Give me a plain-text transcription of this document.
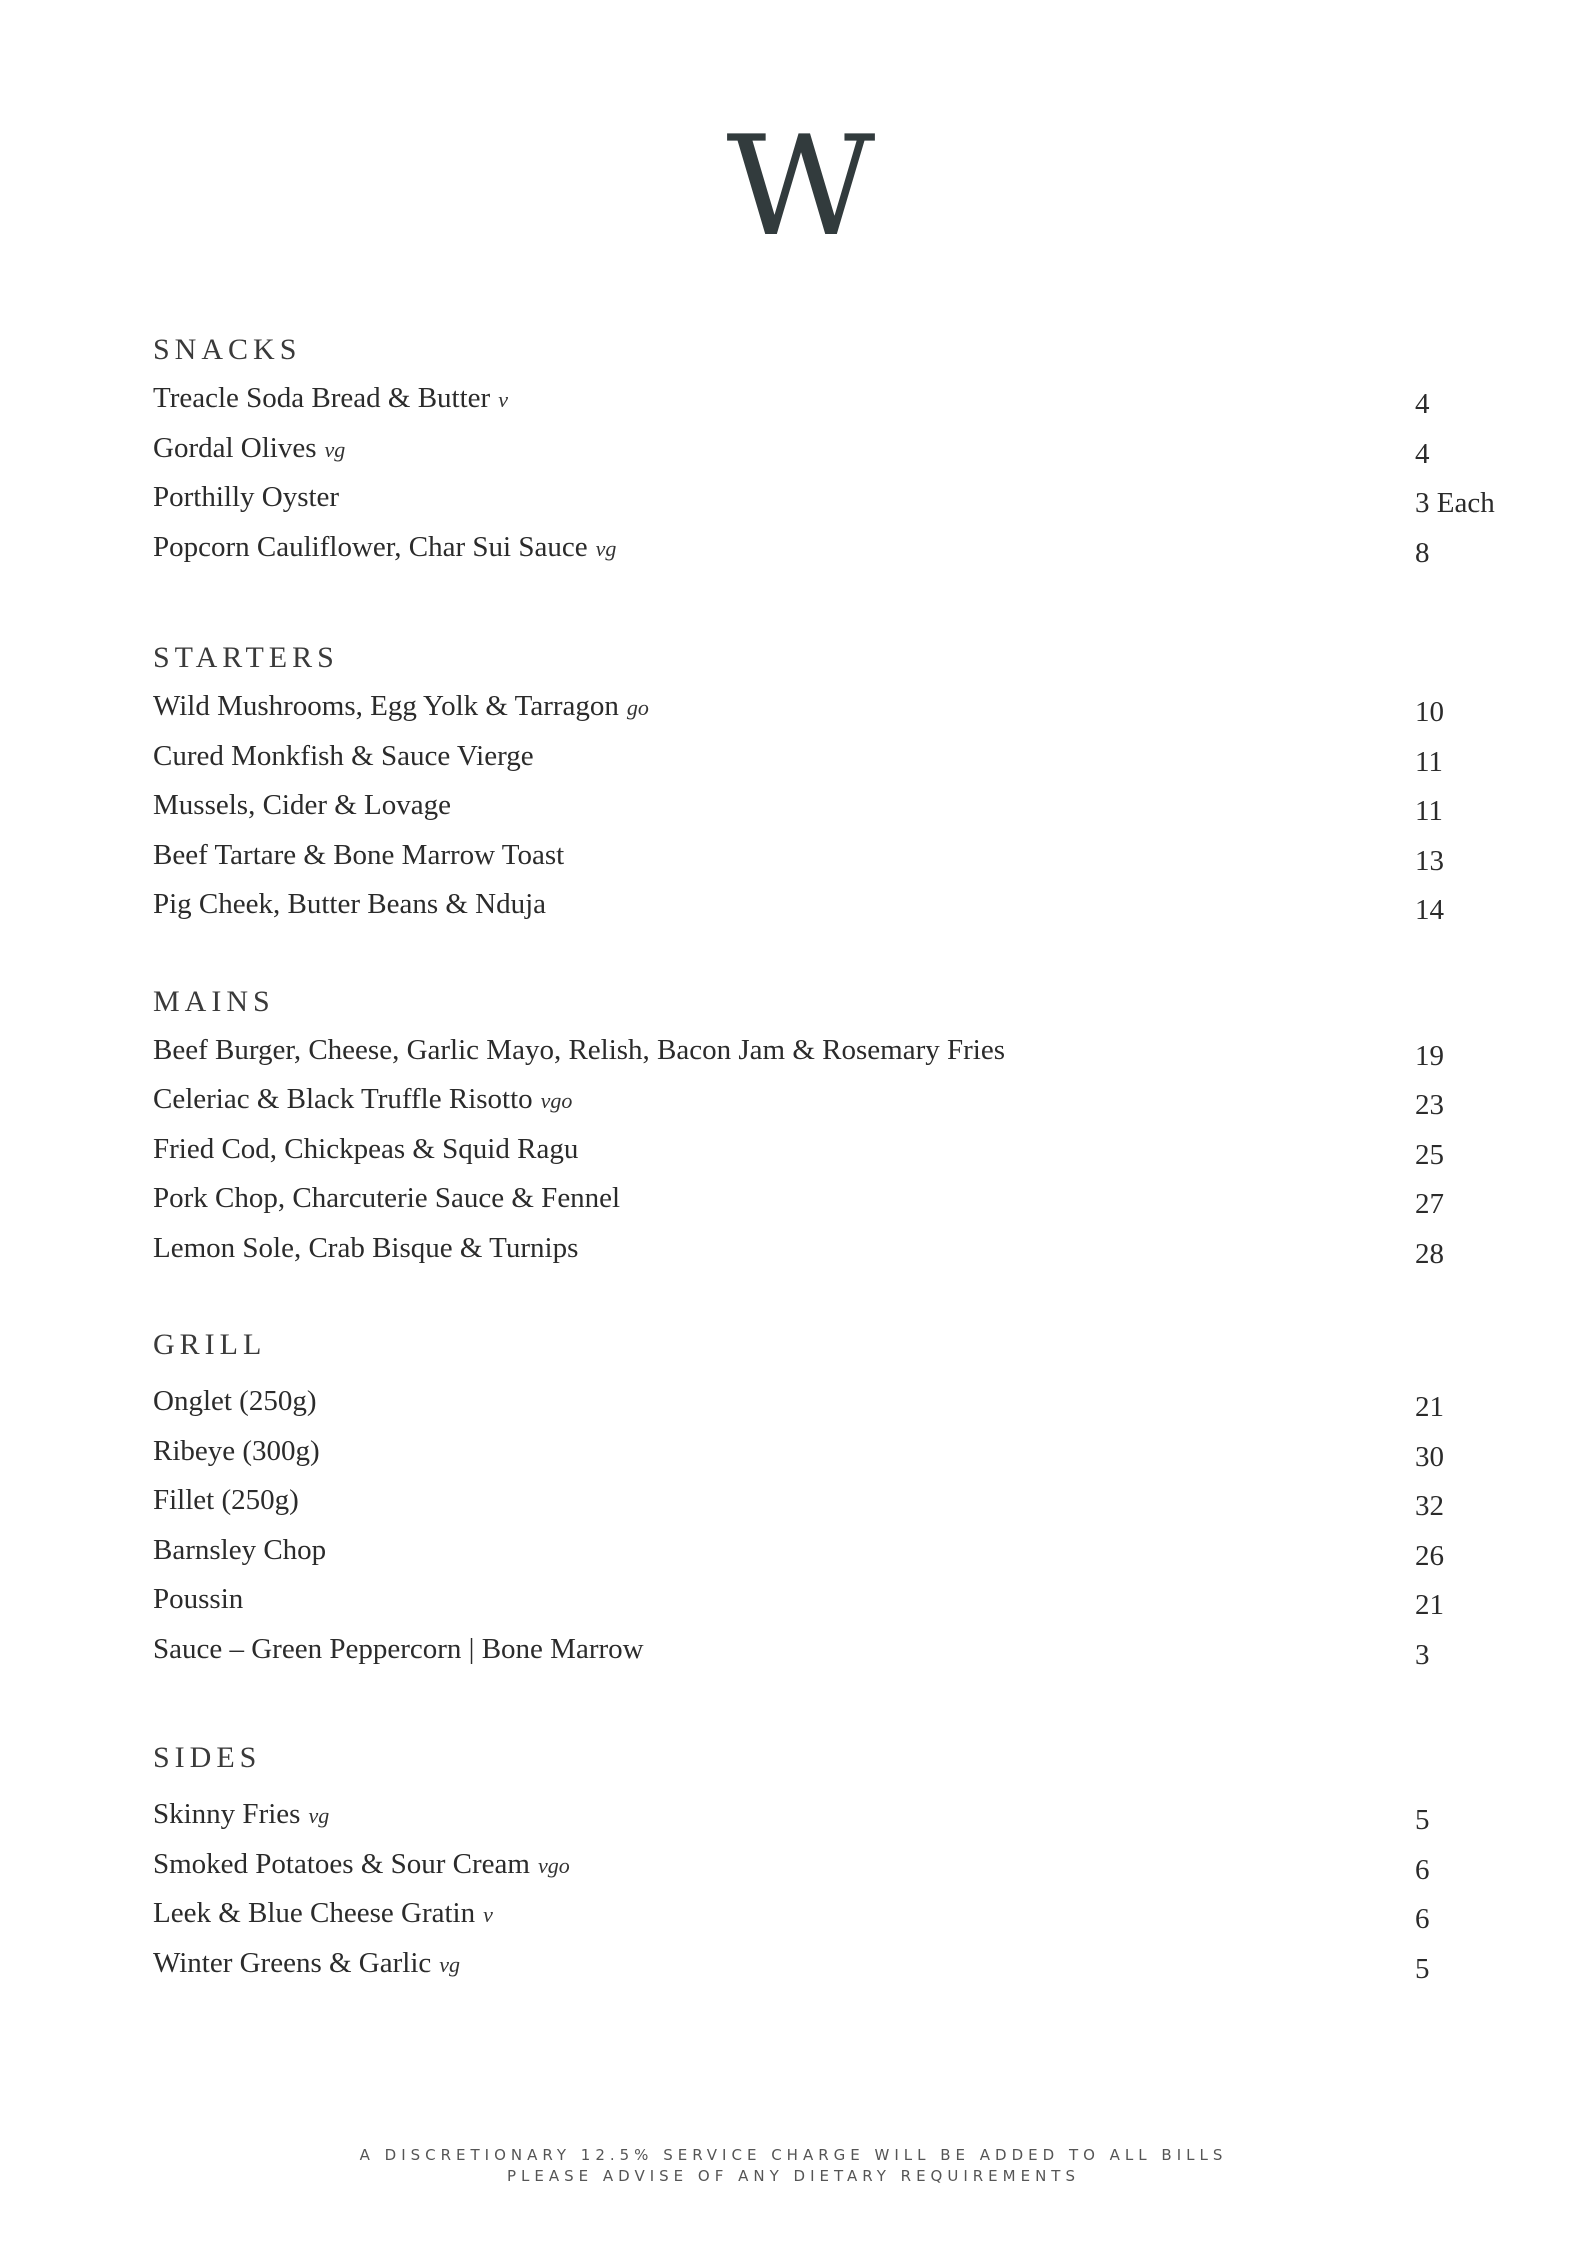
W
SNACKS
Treacle Soda Bread & Butter v	4
Gordal Olives vg	4
Porthilly Oyster	3 Each
Popcorn Cauliflower, Char Sui Sauce vg	8
STARTERS
Wild Mushrooms, Egg Yolk & Tarragon go	10
Cured Monkfish & Sauce Vierge	11
Mussels, Cider & Lovage	11
Beef Tartare & Bone Marrow Toast	13
Pig Cheek, Butter Beans & Nduja	14
MAINS
Beef Burger, Cheese, Garlic Mayo, Relish, Bacon Jam & Rosemary Fries	19
Celeriac & Black Truffle Risotto vgo	23
Fried Cod, Chickpeas & Squid Ragu	25
Pork Chop, Charcuterie Sauce & Fennel	27
Lemon Sole, Crab Bisque & Turnips	28
GRILL
Onglet (250g)	21
Ribeye (300g)	30
Fillet (250g)	32
Barnsley Chop	26
Poussin	21
Sauce – Green Peppercorn | Bone Marrow	3
SIDES
Skinny Fries vg	5
Smoked Potatoes & Sour Cream vgo	6
Leek & Blue Cheese Gratin v	6
Winter Greens & Garlic vg	5
A DISCRETIONARY 12.5% SERVICE CHARGE WILL BE ADDED TO ALL BILLS
PLEASE ADVISE OF ANY DIETARY REQUIREMENTS
